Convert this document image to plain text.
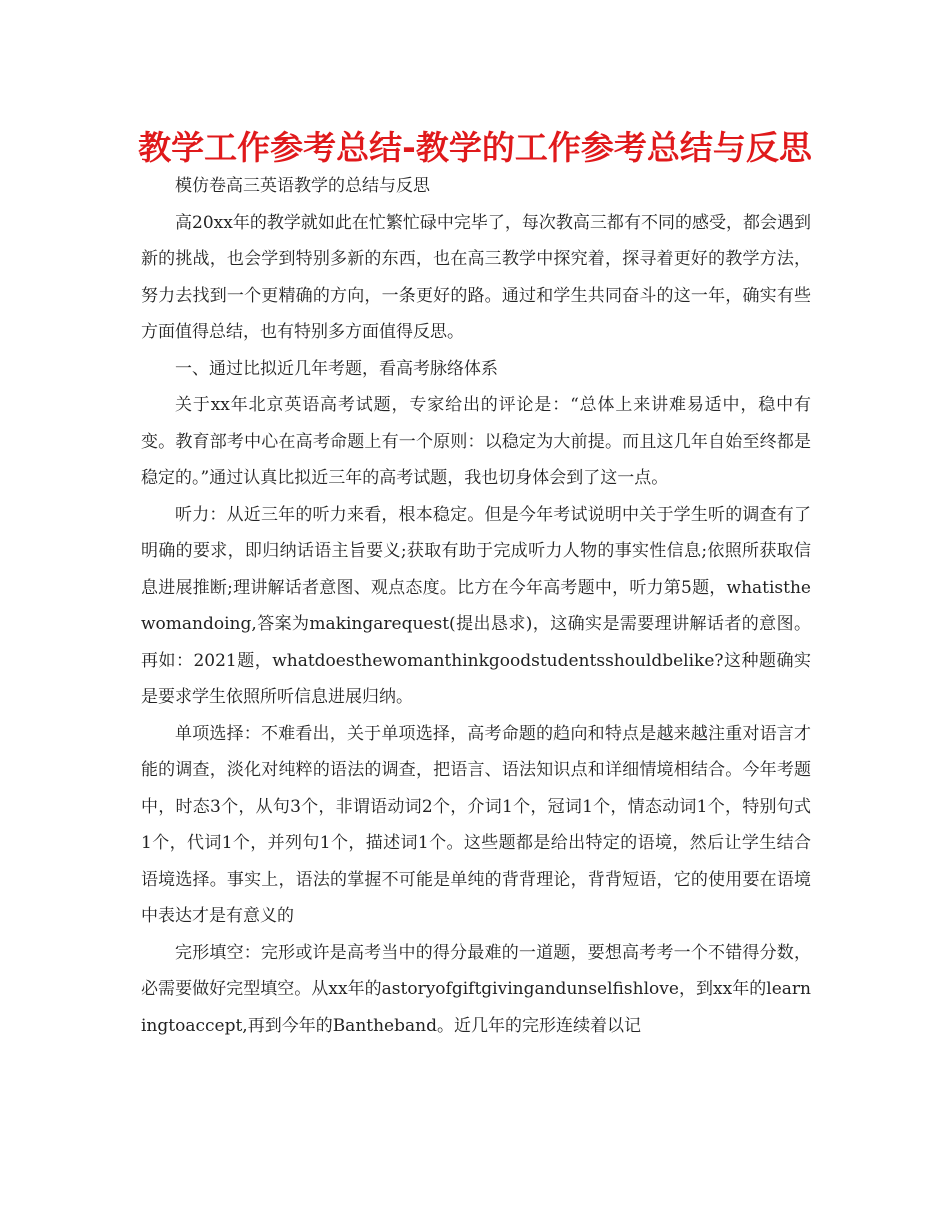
教学工作参考总结-教学的工作参考总结与反思

模仿卷高三英语教学的总结与反思

高20xx年的教学就如此在忙繁忙碌中完毕了，每次教高三都有不同的感受，都会遇到新的挑战，也会学到特别多新的东西，也在高三教学中探究着，探寻着更好的教学方法，努力去找到一个更精确的方向，一条更好的路。通过和学生共同奋斗的这一年，确实有些方面值得总结，也有特别多方面值得反思。

一、通过比拟近几年考题，看高考脉络体系

关于xx年北京英语高考试题，专家给出的评论是：“总体上来讲难易适中，稳中有变。教育部考中心在高考命题上有一个原则：以稳定为大前提。而且这几年自始至终都是稳定的。”通过认真比拟近三年的高考试题，我也切身体会到了这一点。

听力：从近三年的听力来看，根本稳定。但是今年考试说明中关于学生听的调查有了明确的要求，即归纳话语主旨要义;获取有助于完成听力人物的事实性信息;依照所获取信息进展推断;理讲解话者意图、观点态度。比方在今年高考题中，听力第5题，whatisthewomandoing,答案为makingarequest(提出恳求)，这确实是需要理讲解话者的意图。再如：2021题，whatdoesthewomanthinkgoodstudentsshouldbelike?这种题确实是要求学生依照所听信息进展归纳。

单项选择：不难看出，关于单项选择，高考命题的趋向和特点是越来越注重对语言才能的调查，淡化对纯粹的语法的调查，把语言、语法知识点和详细情境相结合。今年考题中，时态3个，从句3个，非谓语动词2个，介词1个，冠词1个，情态动词1个，特别句式1个，代词1个，并列句1个，描述词1个。这些题都是给出特定的语境，然后让学生结合语境选择。事实上，语法的掌握不可能是单纯的背背理论，背背短语，它的使用要在语境中表达才是有意义的

完形填空：完形或许是高考当中的得分最难的一道题，要想高考考一个不错得分数，必需要做好完型填空。从xx年的astoryofgiftgivingandunselfishlove，到xx年的learningtoaccept,再到今年的Bantheband。近几年的完形连续着以记
